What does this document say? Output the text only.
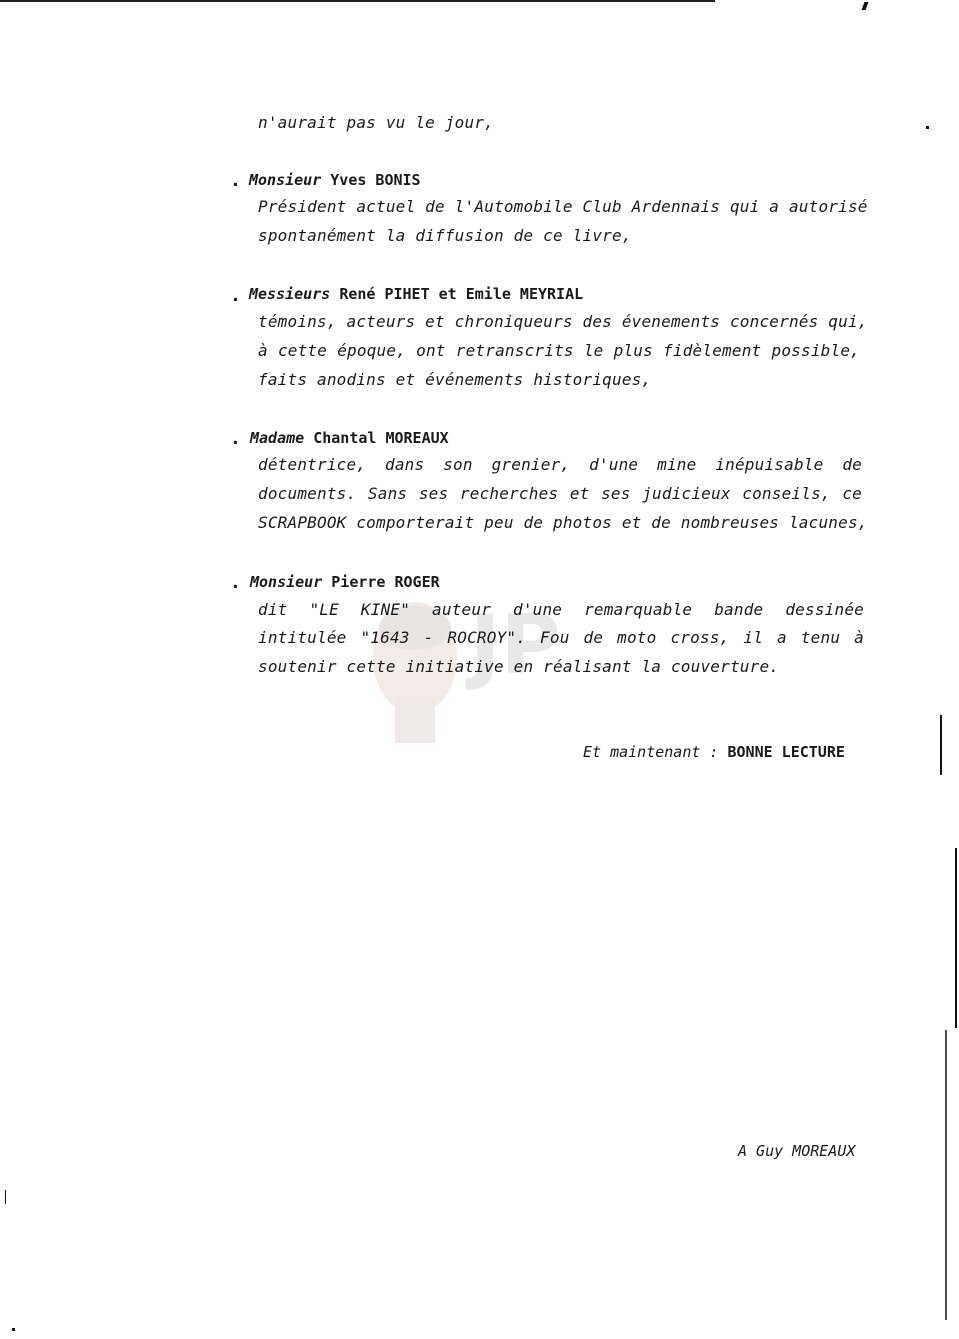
JP
n'aurait pas vu le jour,
. Monsieur Yves BONIS
Président actuel de l'Automobile Club Ardennais qui a autorisé
spontanément la diffusion de ce livre,
. Messieurs René PIHET et Emile MEYRIAL
témoins, acteurs et chroniqueurs des évenements concernés qui,
à cette époque, ont retranscrits le plus fidèlement possible,
faits anodins et événements historiques,
. Madame Chantal MOREAUX
détentrice, dans son grenier, d'une mine inépuisable de
documents. Sans ses recherches et ses judicieux conseils, ce
SCRAPBOOK comporterait peu de photos et de nombreuses lacunes,
. Monsieur Pierre ROGER
dit "LE KINE" auteur d'une remarquable bande dessinée
intitulée "1643 - ROCROY". Fou de moto cross, il a tenu à
soutenir cette initiative en réalisant la couverture.
Et maintenant : BONNE LECTURE
A Guy MOREAUX
